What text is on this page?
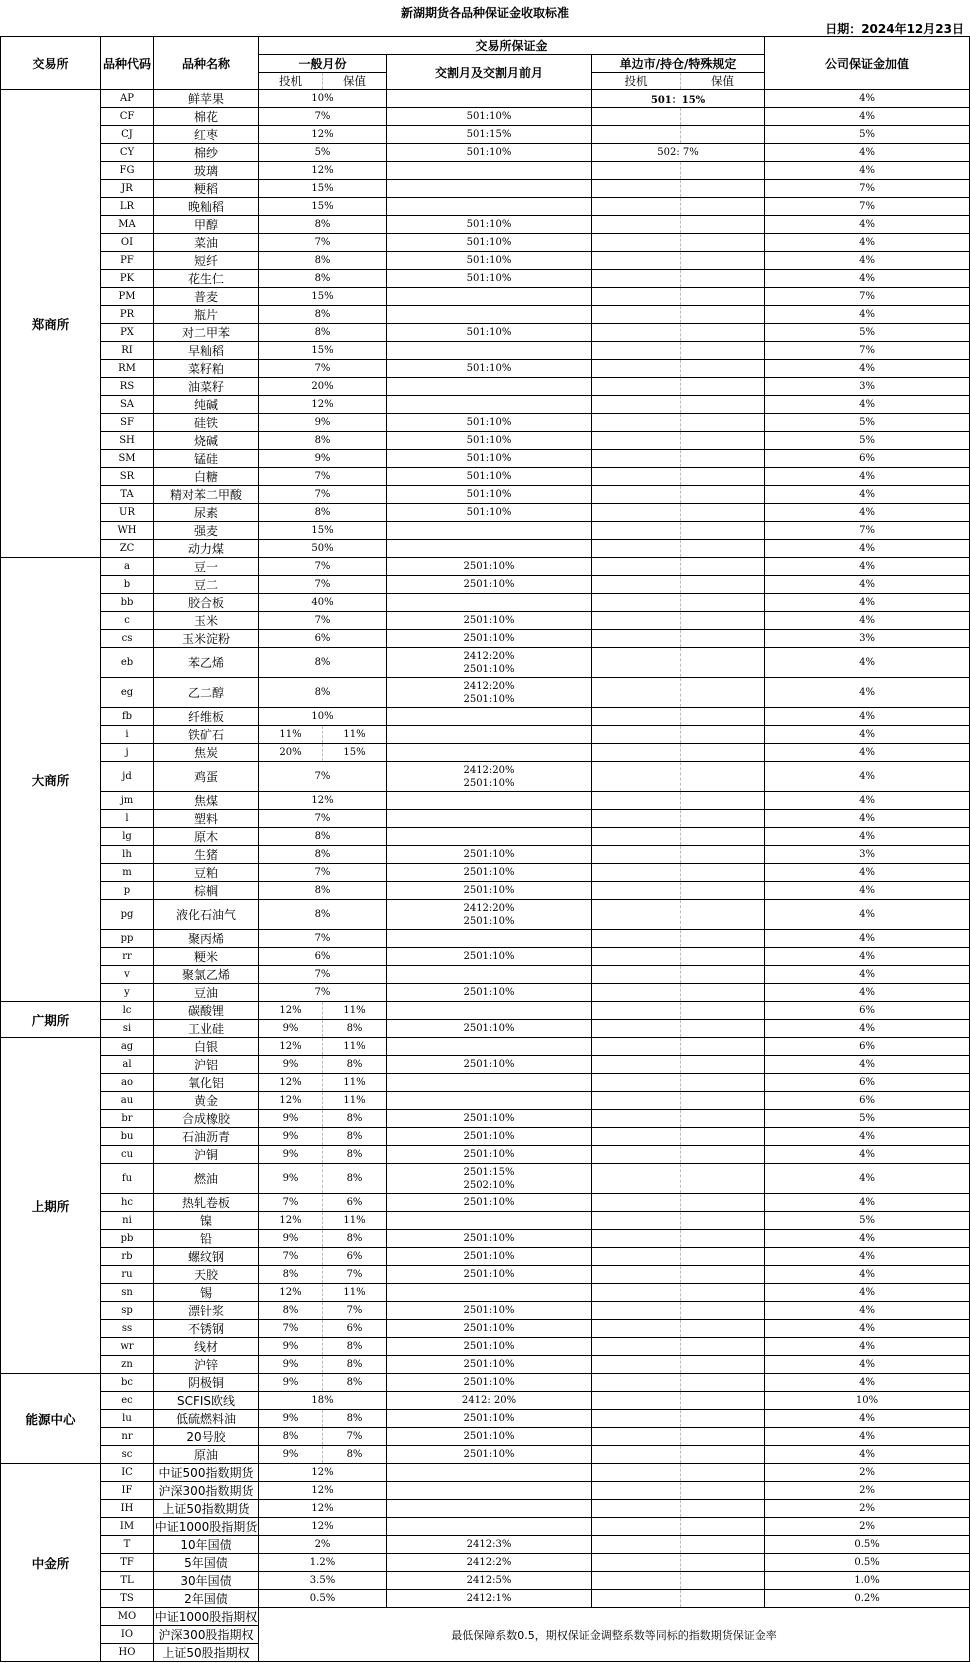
新湖期货各品种保证金收取标准
日期：2024年12月23日
交易所	品种代码	品种名称	交易所保证金					公司保证金加值
			一般月份		交割月及交割月前月	单边市/持仓/特殊规定		
			投机	保值		投机	保值	
郑商所	AP	鲜苹果	10%			501：15%		4%
	CF	棉花	7%		501:10%			4%
	CJ	红枣	12%		501:15%			5%
	CY	棉纱	5%		501:10%	502: 7%		4%
	FG	玻璃	12%					4%
	JR	粳稻	15%					7%
	LR	晚籼稻	15%					7%
	MA	甲醇	8%		501:10%			4%
	OI	菜油	7%		501:10%			4%
	PF	短纤	8%		501:10%			4%
	PK	花生仁	8%		501:10%			4%
	PM	普麦	15%					7%
	PR	瓶片	8%					4%
	PX	对二甲苯	8%		501:10%			5%
	RI	早籼稻	15%					7%
	RM	菜籽粕	7%		501:10%			4%
	RS	油菜籽	20%					3%
	SA	纯碱	12%					4%
	SF	硅铁	9%		501:10%			5%
	SH	烧碱	8%		501:10%			5%
	SM	锰硅	9%		501:10%			6%
	SR	白糖	7%		501:10%			4%
	TA	精对苯二甲酸	7%		501:10%			4%
	UR	尿素	8%		501:10%			4%
	WH	强麦	15%					7%
	ZC	动力煤	50%					4%
大商所	a	豆一	7%		2501:10%			4%
	b	豆二	7%		2501:10%			4%
	bb	胶合板	40%					4%
	c	玉米	7%		2501:10%			4%
	cs	玉米淀粉	6%		2501:10%			3%
	eb	苯乙烯	8%		2412:20%
2501:10%			4%
	eg	乙二醇	8%		2412:20%
2501:10%			4%
	fb	纤维板	10%					4%
	i	铁矿石	11%	11%				4%
	j	焦炭	20%	15%				4%
	jd	鸡蛋	7%		2412:20%
2501:10%			4%
	jm	焦煤	12%					4%
	l	塑料	7%					4%
	lg	原木	8%					4%
	lh	生猪	8%		2501:10%			3%
	m	豆粕	7%		2501:10%			4%
	p	棕榈	8%		2501:10%			4%
	pg	液化石油气	8%		2412:20%
2501:10%			4%
	pp	聚丙烯	7%					4%
	rr	粳米	6%		2501:10%			4%
	v	聚氯乙烯	7%					4%
	y	豆油	7%		2501:10%			4%
广期所	lc	碳酸锂	12%	11%				6%
	si	工业硅	9%	8%	2501:10%			4%
上期所	ag	白银	12%	11%				6%
	al	沪铝	9%	8%	2501:10%			4%
	ao	氧化铝	12%	11%				6%
	au	黄金	12%	11%				6%
	br	合成橡胶	9%	8%	2501:10%			5%
	bu	石油沥青	9%	8%	2501:10%			4%
	cu	沪铜	9%	8%	2501:10%			4%
	fu	燃油	9%	8%	2501:15%
2502:10%			4%
	hc	热轧卷板	7%	6%	2501:10%			4%
	ni	镍	12%	11%				5%
	pb	铅	9%	8%	2501:10%			4%
	rb	螺纹钢	7%	6%	2501:10%			4%
	ru	天胶	8%	7%	2501:10%			4%
	sn	锡	12%	11%				4%
	sp	漂针浆	8%	7%	2501:10%			4%
	ss	不锈钢	7%	6%	2501:10%			4%
	wr	线材	9%	8%	2501:10%			4%
	zn	沪锌	9%	8%	2501:10%			4%
能源中心	bc	阴极铜	9%	8%	2501:10%			4%
	ec	SCFIS欧线	18%		2412: 20%			10%
	lu	低硫燃料油	9%	8%	2501:10%			4%
	nr	20号胶	8%	7%	2501:10%			4%
	sc	原油	9%	8%	2501:10%			4%
中金所	IC	中证500指数期货	12%					2%
	IF	沪深300指数期货	12%					2%
	IH	上证50指数期货	12%					2%
	IM	中证1000股指期货	12%					2%
	T	10年国债	2%		2412:3%			0.5%
	TF	5年国债	1.2%		2412:2%			0.5%
	TL	30年国债	3.5%		2412:5%			1.0%
	TS	2年国债	0.5%		2412:1%			0.2%
	MO	中证1000股指期权	最低保障系数0.5，期权保证金调整系数等同标的指数期货保证金率					
	IO	沪深300股指期权						
	HO	上证50股指期权						
